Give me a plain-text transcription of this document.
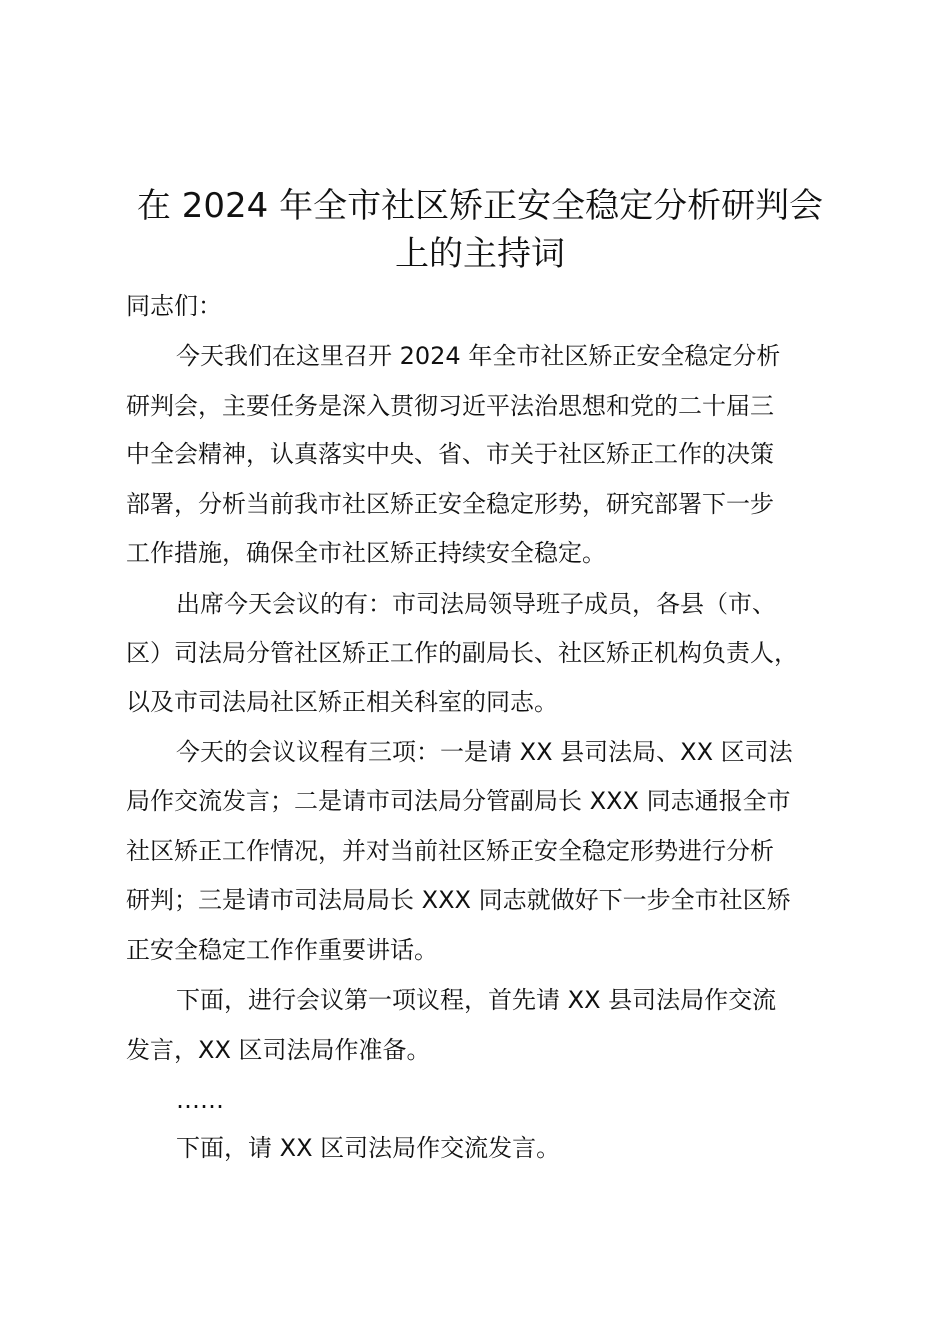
在 2024 年全市社区矫正安全稳定分析研判会
上的主持词

同志们：

今天我们在这里召开 2024 年全市社区矫正安全稳定分析

研判会，主要任务是深入贯彻习近平法治思想和党的二十届三

中全会精神，认真落实中央、省、市关于社区矫正工作的决策

部署，分析当前我市社区矫正安全稳定形势，研究部署下一步

工作措施，确保全市社区矫正持续安全稳定。

出席今天会议的有：市司法局领导班子成员，各县（市、

区）司法局分管社区矫正工作的副局长、社区矫正机构负责人，

以及市司法局社区矫正相关科室的同志。

今天的会议议程有三项：一是请 XX 县司法局、XX 区司法

局作交流发言；二是请市司法局分管副局长 XXX 同志通报全市

社区矫正工作情况，并对当前社区矫正安全稳定形势进行分析

研判；三是请市司法局局长 XXX 同志就做好下一步全市社区矫

正安全稳定工作作重要讲话。

下面，进行会议第一项议程，首先请 XX 县司法局作交流

发言，XX 区司法局作准备。

……

下面，请 XX 区司法局作交流发言。
